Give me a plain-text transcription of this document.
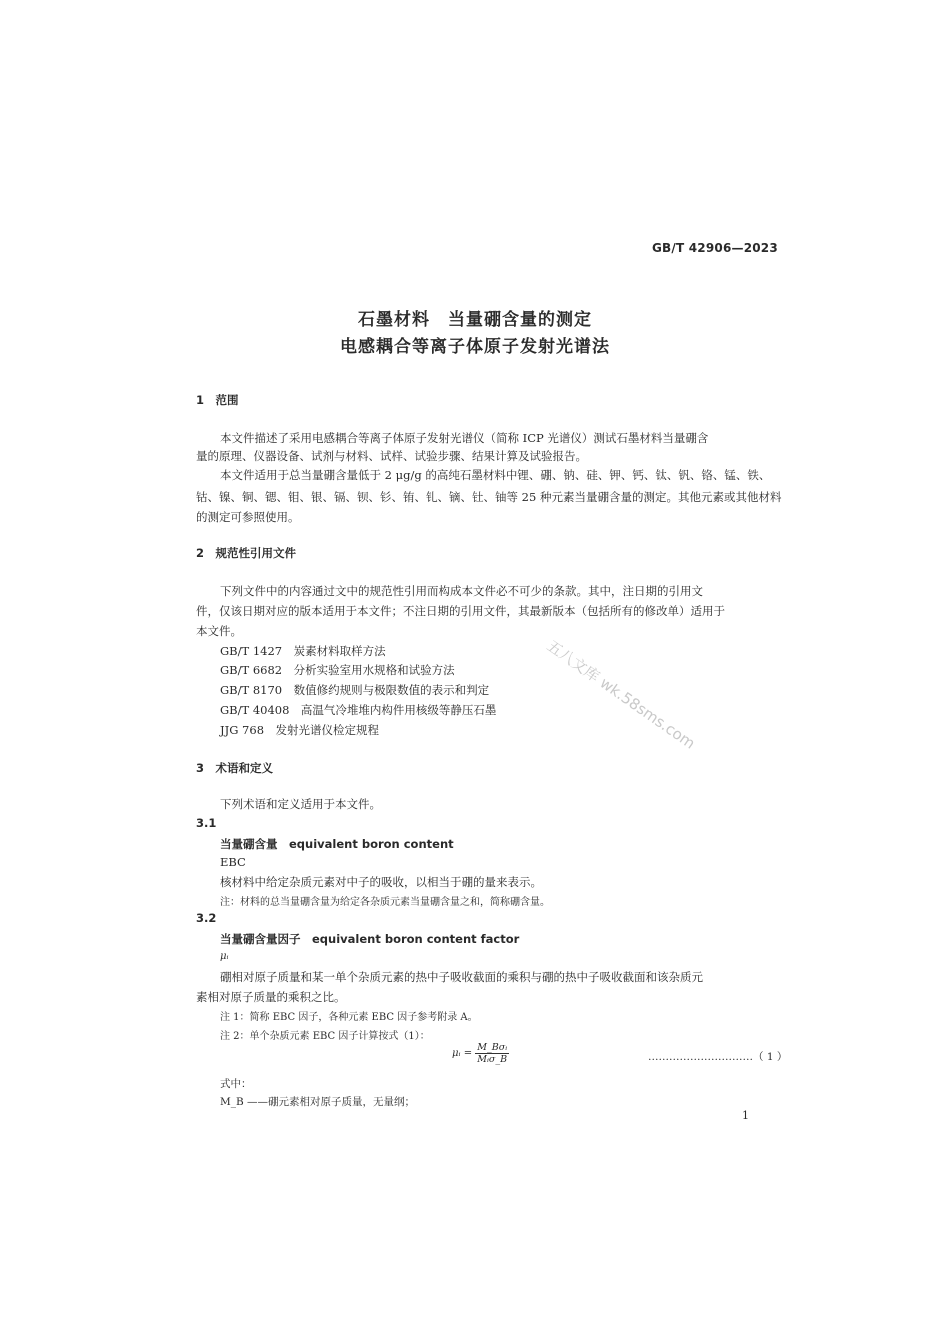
GB/T 42906—2023
石墨材料　当量硼含量的测定
电感耦合等离子体原子发射光谱法
1　范围
本文件描述了采用电感耦合等离子体原子发射光谱仪（简称 ICP 光谱仪）测试石墨材料当量硼含
量的原理、仪器设备、试剂与材料、试样、试验步骤、结果计算及试验报告。
本文件适用于总当量硼含量低于 2 μg/g 的高纯石墨材料中锂、硼、钠、硅、钾、钙、钛、钒、铬、锰、铁、
钴、镍、铜、锶、钼、银、镉、钡、钐、铕、钆、镝、钍、铀等 25 种元素当量硼含量的测定。其他元素或其他材料
的测定可参照使用。
2　规范性引用文件
下列文件中的内容通过文中的规范性引用而构成本文件必不可少的条款。其中，注日期的引用文
件，仅该日期对应的版本适用于本文件；不注日期的引用文件，其最新版本（包括所有的修改单）适用于
本文件。
GB/T 1427　炭素材料取样方法
GB/T 6682　分析实验室用水规格和试验方法
GB/T 8170　数值修约规则与极限数值的表示和判定
GB/T 40408　高温气冷堆堆内构件用核级等静压石墨
JJG 768　发射光谱仪检定规程
3　术语和定义
下列术语和定义适用于本文件。
3.1
当量硼含量　equivalent boron content
EBC
核材料中给定杂质元素对中子的吸收，以相当于硼的量来表示。
注：材料的总当量硼含量为给定各杂质元素当量硼含量之和，简称硼含量。
3.2
当量硼含量因子　equivalent boron content factor
μᵢ
硼相对原子质量和某一单个杂质元素的热中子吸收截面的乘积与硼的热中子吸收截面和该杂质元
素相对原子质量的乘积之比。
注 1：简称 EBC 因子，各种元素 EBC 因子参考附录 A。
注 2：单个杂质元素 EBC 因子计算按式（1）：
μᵢ = $\frac{\text{M\_Bσᵢ}}{\text{Mᵢσ\_B}}$	…………………………（ 1 ）
式中：
M_B ——硼元素相对原子质量，无量纲；
1
五八文库 wk.58sms.com
